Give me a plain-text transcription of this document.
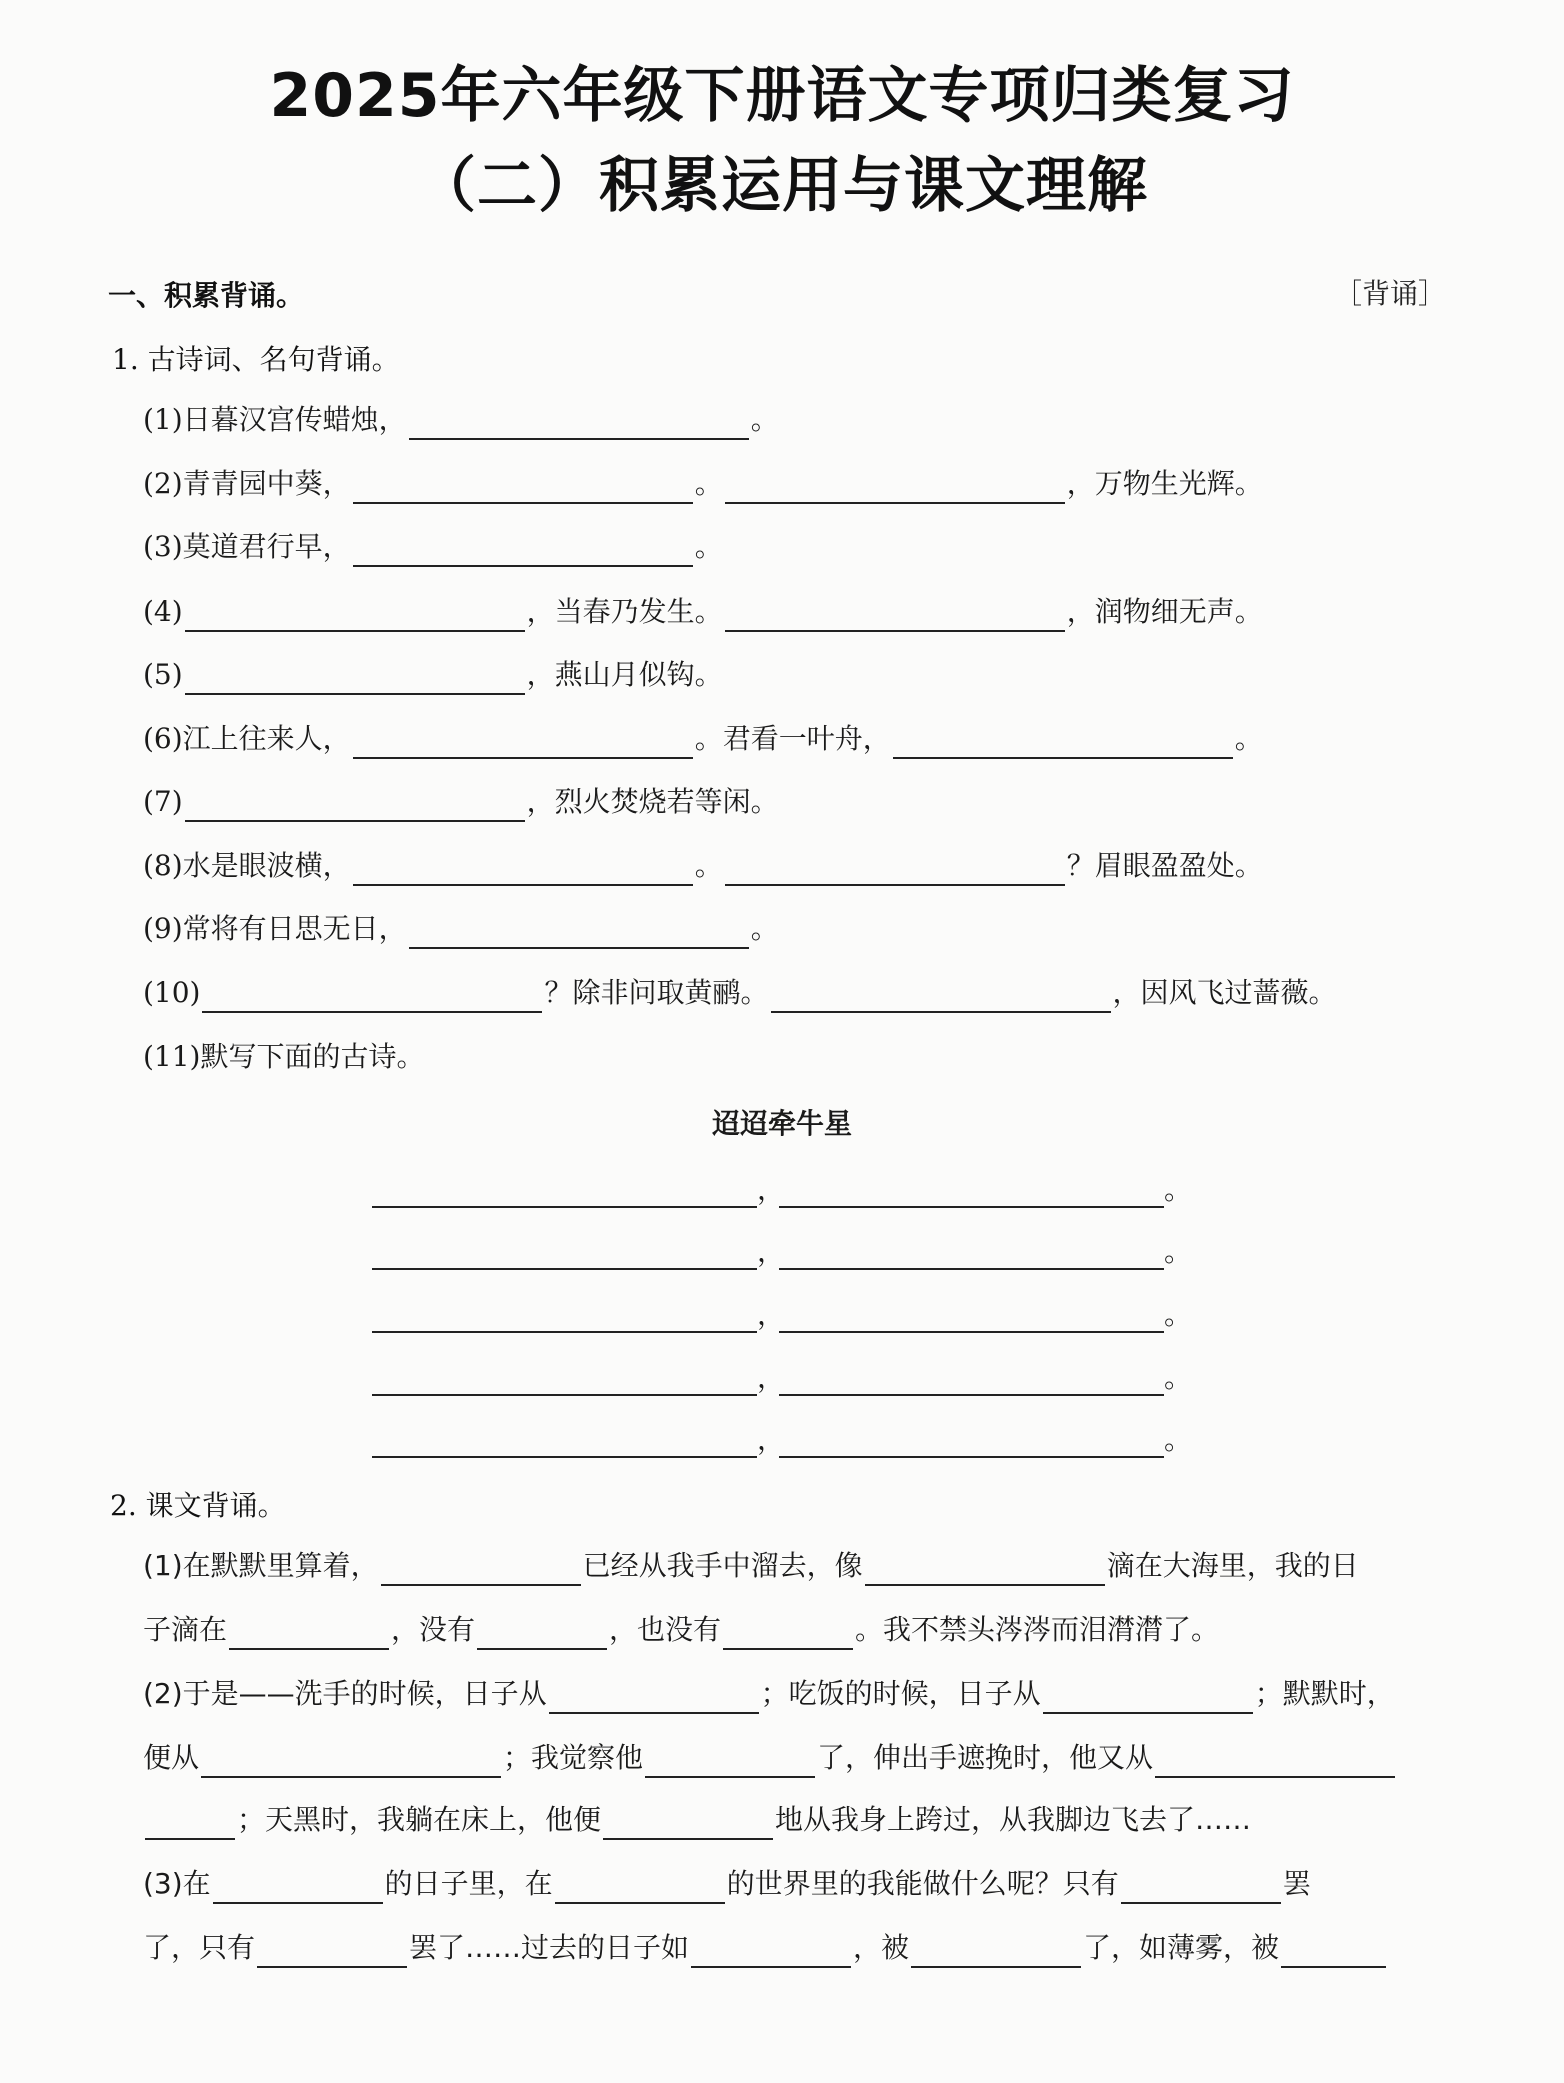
2025年六年级下册语文专项归类复习
（二）积累运用与课文理解
一、积累背诵。	［背诵］
1. 古诗词、名句背诵。
(1) 日暮汉宫传蜡烛，	。
(2) 青青园中葵，	。	，万物生光辉。
(3) 莫道君行早，	。
(4)	，当春乃发生。	，润物细无声。
(5)	，燕山月似钩。
(6) 江上往来人，	。君看一叶舟，	。
(7)	，烈火焚烧若等闲。
(8) 水是眼波横，	。	？眉眼盈盈处。
(9) 常将有日思无日，	。
(10)	？除非问取黄鹂。	，因风飞过蔷薇。
(11) 默写下面的古诗。
迢迢牵牛星
，	。
，	。
，	。
，	。
，	。
2. 课文背诵。
(1)在默默里算着，	已经从我手中溜去，像	滴在大海里，我的日
子滴在	，没有	，也没有	。我不禁头涔涔而泪潸潸了。
(2)于是——洗手的时候，日子从	；吃饭的时候，日子从	；默默时，
便从	；我觉察他	了，伸出手遮挽时，他又从
；天黑时，我躺在床上，他便	地从我身上跨过，从我脚边飞去了……
(3)在	的日子里，在	的世界里的我能做什么呢？只有	罢
了，只有	罢了……过去的日子如	，被	了，如薄雾，被
